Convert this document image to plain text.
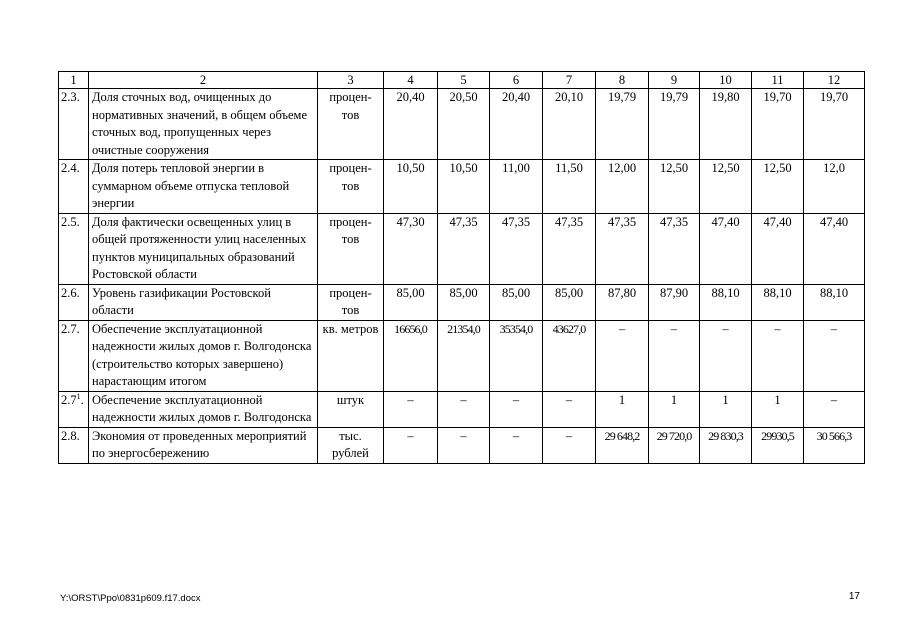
1	2	3	4	5	6	7	8	9	10	11	12
2.3.	Доля сточных вод, очищенных до нормативных значений, в общем объеме сточных вод, пропущенных через очистные сооружения	процен- тов	20,40	20,50	20,40	20,10	19,79	19,79	19,80	19,70	19,70
2.4.	Доля потерь тепловой энергии в суммарном объеме отпуска тепловой энергии	процен- тов	10,50	10,50	11,00	11,50	12,00	12,50	12,50	12,50	12,0
2.5.	Доля фактически освещенных улиц в общей протяженности улиц населенных пунктов муниципальных образований Ростовской области	процен- тов	47,30	47,35	47,35	47,35	47,35	47,35	47,40	47,40	47,40
2.6.	Уровень газификации Ростовской области	процен- тов	85,00	85,00	85,00	85,00	87,80	87,90	88,10	88,10	88,10
2.7.	Обеспечение эксплуатационной надежности жилых домов г. Волгодонска (строительство которых завершено) нарастающим итогом	кв. метров	16656,0	21354,0	35354,0	43627,0	–	–	–	–	–
$2.7^1$.	Обеспечение эксплуатационной надежности жилых домов г. Волгодонска	штук	–	–	–	–	1	1	1	1	–
2.8.	Экономия от проведенных мероприятий по энергосбережению	тыс. рублей	–	–	–	–	29 648,2	29 720,0	29 830,3	29930,5	30 566,3
Y:\ORST\Ppo\0831p609.f17.docx	17
